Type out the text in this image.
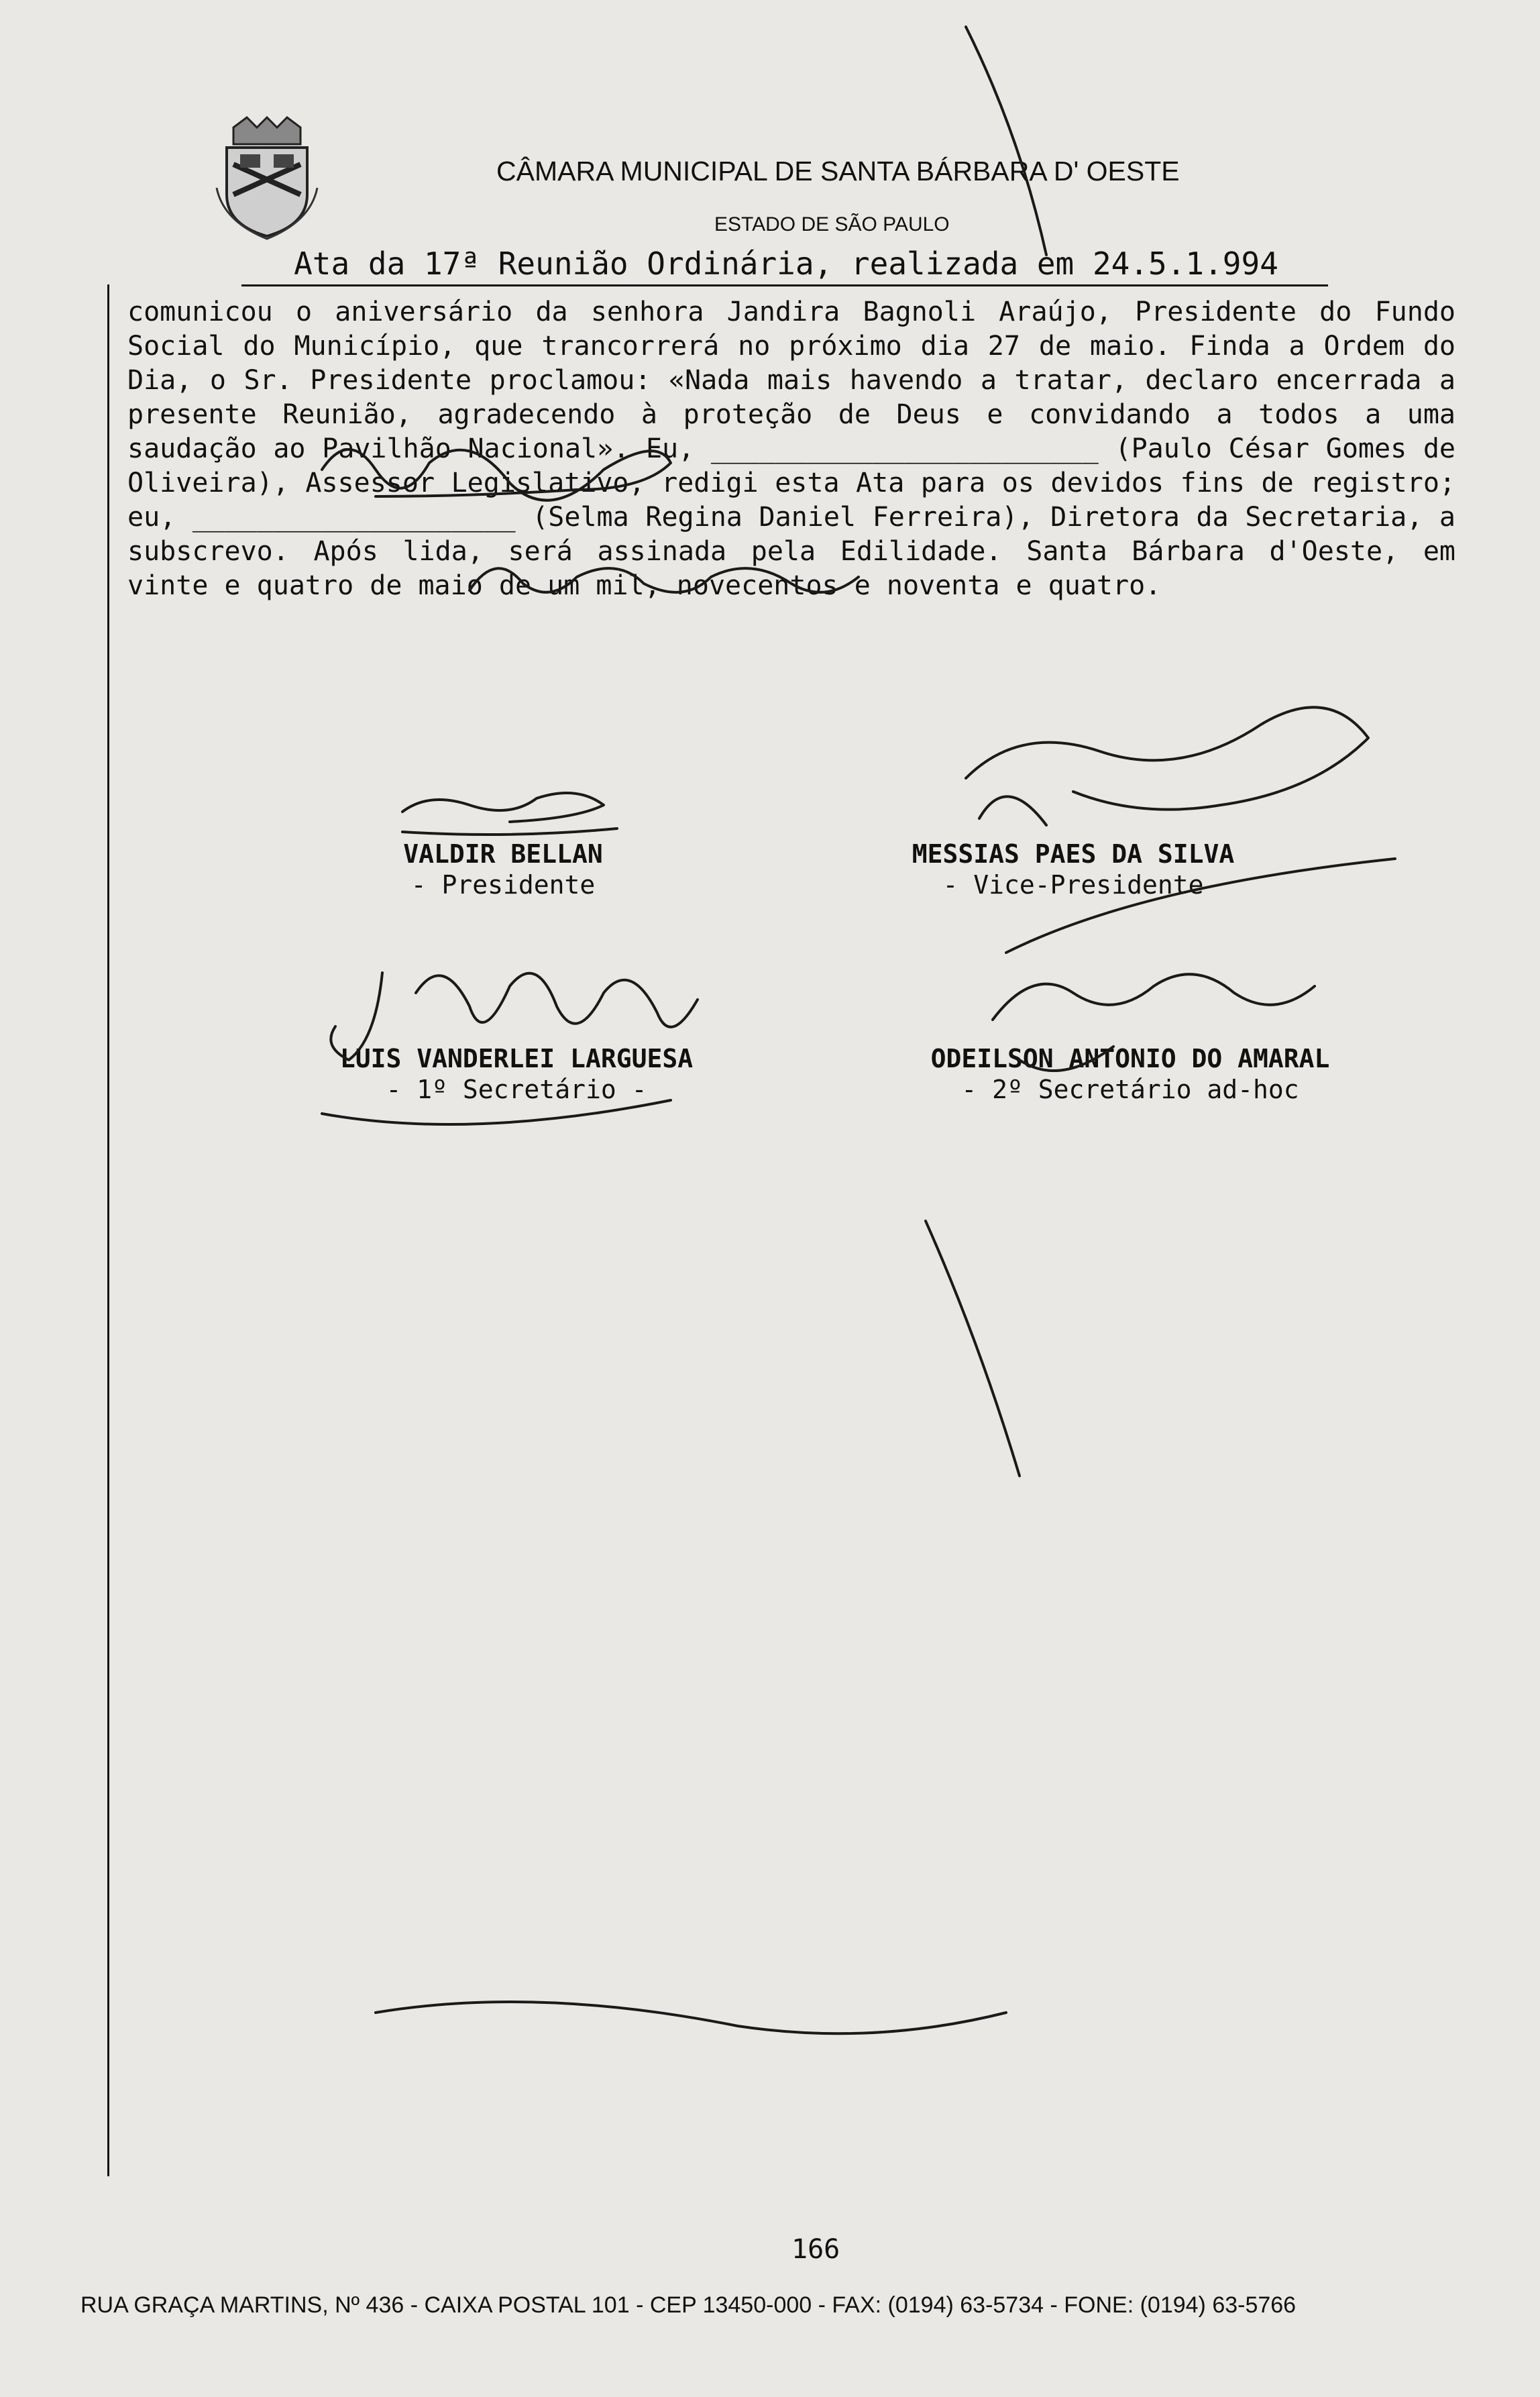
CÂMARA MUNICIPAL DE SANTA BÁRBARA D' OESTE
ESTADO DE SÃO PAULO
Ata da 17ª Reunião Ordinária, realizada em 24.5.1.994

comunicou o aniversário da senhora Jandira Bagnoli Araújo, Presidente do Fundo Social do Município, que trancorrerá no próximo dia 27 de maio. Finda a Ordem do Dia, o Sr. Presidente proclamou: «Nada mais havendo a tratar, declaro encerrada a presente Reunião, agradecendo à proteção de Deus e convidando a todos a uma saudação ao Pavilhão Nacional». Eu, ________________________ (Paulo César Gomes de Oliveira), Assessor Legislativo, redigi esta Ata para os devidos fins de registro; eu, ____________________ (Selma Regina Daniel Ferreira), Diretora da Secretaria, a subscrevo. Após lida, será assinada pela Edilidade. Santa Bárbara d'Oeste, em vinte e quatro de maio de um mil, novecentos e noventa e quatro.

VALDIR BELLAN
- Presidente
MESSIAS PAES DA SILVA
- Vice-Presidente
LUIS VANDERLEI LARGUESA
- 1º Secretário -
ODEILSON ANTONIO DO AMARAL
- 2º Secretário ad-hoc
166
RUA GRAÇA MARTINS, Nº 436 - CAIXA POSTAL 101 - CEP 13450-000 - FAX: (0194) 63-5734 - FONE: (0194) 63-5766
